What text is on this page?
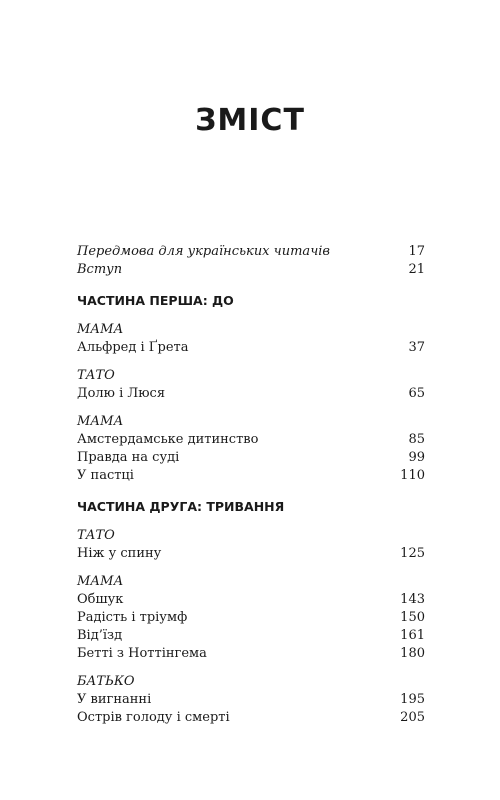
ЗМІСТ
Передмова для українських читачів	17
Вступ	21
ЧАСТИНА ПЕРША: ДО
МАМА
Альфред і Ґрета	37
ТАТО
Долю і Люся	65
МАМА
Амстердамське дитинство	85
Правда на суді	99
У пастці	110
ЧАСТИНА ДРУГА: ТРИВАННЯ
ТАТО
Ніж у спину	125
МАМА
Обшук	143
Радість і тріумф	150
Від’їзд	161
Бетті з Ноттінгема	180
БАТЬКО
У вигнанні	195
Острів голоду і смерті	205
